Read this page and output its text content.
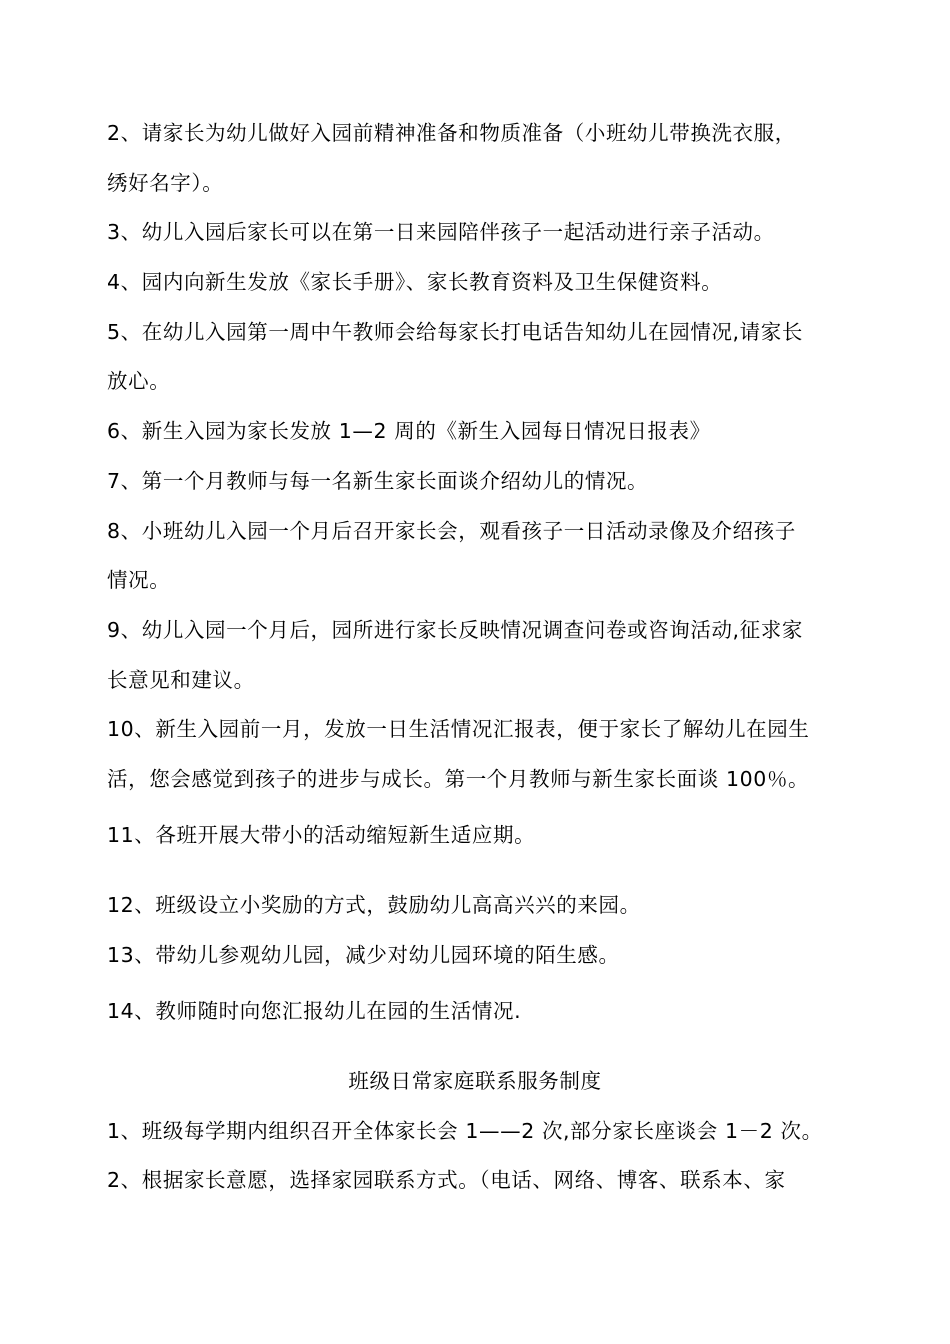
2、请家长为幼儿做好入园前精神准备和物质准备（小班幼儿带换洗衣服，
绣好名字）。
3、幼儿入园后家长可以在第一日来园陪伴孩子一起活动进行亲子活动。
4、园内向新生发放《家长手册》、家长教育资料及卫生保健资料。
5、在幼儿入园第一周中午教师会给每家长打电话告知幼儿在园情况,请家长
放心。
6、新生入园为家长发放 1—2 周的《新生入园每日情况日报表》
7、第一个月教师与每一名新生家长面谈介绍幼儿的情况。
8、小班幼儿入园一个月后召开家长会，观看孩子一日活动录像及介绍孩子
情况。
9、幼儿入园一个月后，园所进行家长反映情况调查问卷或咨询活动,征求家
长意见和建议。
10、新生入园前一月，发放一日生活情况汇报表，便于家长了解幼儿在园生
活，您会感觉到孩子的进步与成长。第一个月教师与新生家长面谈 100％。
11、各班开展大带小的活动缩短新生适应期。
12、班级设立小奖励的方式，鼓励幼儿高高兴兴的来园。
13、带幼儿参观幼儿园，减少对幼儿园环境的陌生感。
14、教师随时向您汇报幼儿在园的生活情况.
班级日常家庭联系服务制度
1、班级每学期内组织召开全体家长会 1——2 次,部分家长座谈会 1－2 次。
2、根据家长意愿，选择家园联系方式。（电话、网络、博客、联系本、家
